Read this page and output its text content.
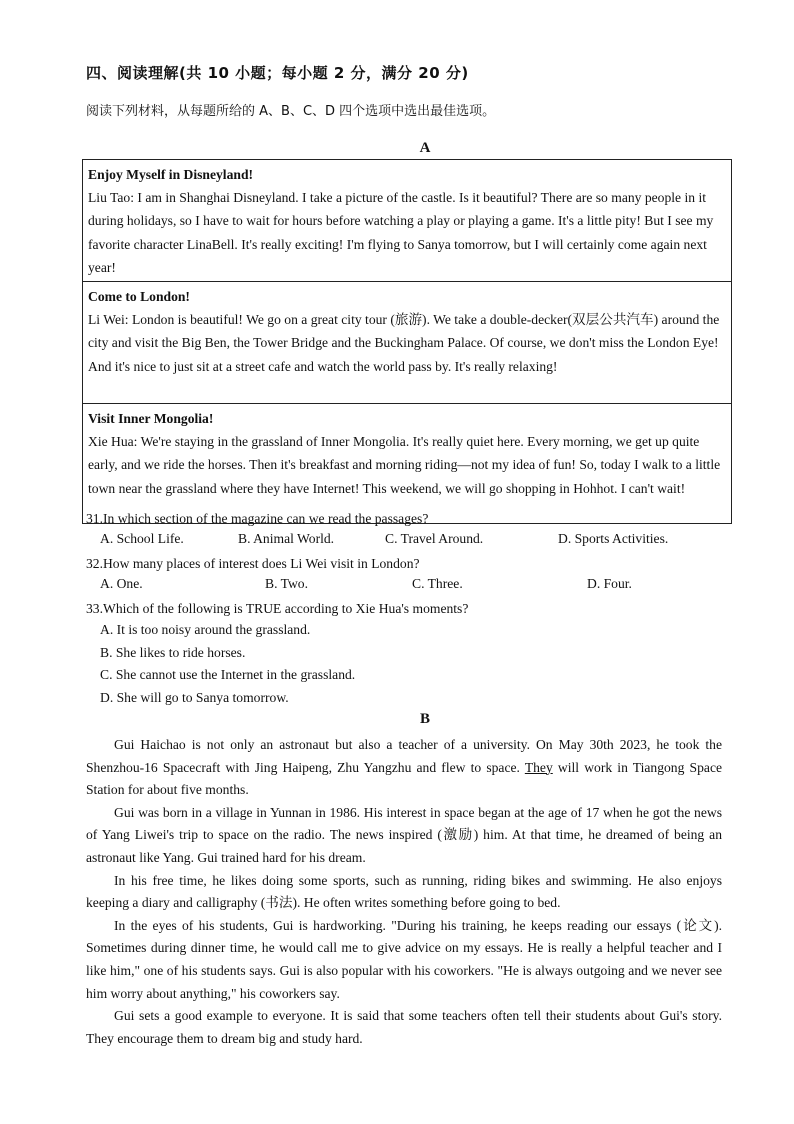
四、阅读理解(共 10 小题；每小题 2 分，满分 20 分)
阅读下列材料，从每题所给的 A、B、C、D 四个选项中选出最佳选项。
A
Enjoy Myself in Disneyland!
Liu Tao: I am in Shanghai Disneyland. I take a picture of the castle. Is it beautiful? There are so many people in it during holidays, so I have to wait for hours before watching a play or playing a game. It's a little pity! But I see my favorite character LinaBell. It's really exciting! I'm flying to Sanya tomorrow, but I will certainly come again next year!
Come to London!
Li Wei: London is beautiful! We go on a great city tour (旅游). We take a double-decker(双层公共汽车) around the city and visit the Big Ben, the Tower Bridge and the Buckingham Palace. Of course, we don't miss the London Eye! And it's nice to just sit at a street cafe and watch the world pass by. It's really relaxing!
Visit Inner Mongolia!
Xie Hua: We're staying in the grassland of Inner Mongolia. It's really quiet here. Every morning, we get up quite early, and we ride the horses. Then it's breakfast and morning riding—not my idea of fun! So, today I walk to a little town near the grassland where they have Internet! This weekend, we will go shopping in Hohhot. I can't wait!
31.In which section of the magazine can we read the passages?
A. School Life.	B. Animal World.	C. Travel Around.	D. Sports Activities.
32.How many places of interest does Li Wei visit in London?
A. One.	B. Two.	C. Three.	D. Four.
33.Which of the following is TRUE according to Xie Hua's moments?
A. It is too noisy around the grassland.
B. She likes to ride horses.
C. She cannot use the Internet in the grassland.
D. She will go to Sanya tomorrow.
B

Gui Haichao is not only an astronaut but also a teacher of a university. On May 30th 2023, he took the Shenzhou-16 Spacecraft with Jing Haipeng, Zhu Yangzhu and flew to space. They will work in Tiangong Space Station for about five months.

Gui was born in a village in Yunnan in 1986. His interest in space began at the age of 17 when he got the news of Yang Liwei's trip to space on the radio. The news inspired (激励) him. At that time, he dreamed of being an astronaut like Yang. Gui trained hard for his dream.

In his free time, he likes doing some sports, such as running, riding bikes and swimming. He also enjoys keeping a diary and calligraphy (书法). He often writes something before going to bed.

In the eyes of his students, Gui is hardworking. "During his training, he keeps reading our essays (论文). Sometimes during dinner time, he would call me to give advice on my essays. He is really a helpful teacher and I like him," one of his students says. Gui is also popular with his coworkers. "He is always outgoing and we never see him worry about anything," his coworkers say.

Gui sets a good example to everyone. It is said that some teachers often tell their students about Gui's story. They encourage them to dream big and study hard.
